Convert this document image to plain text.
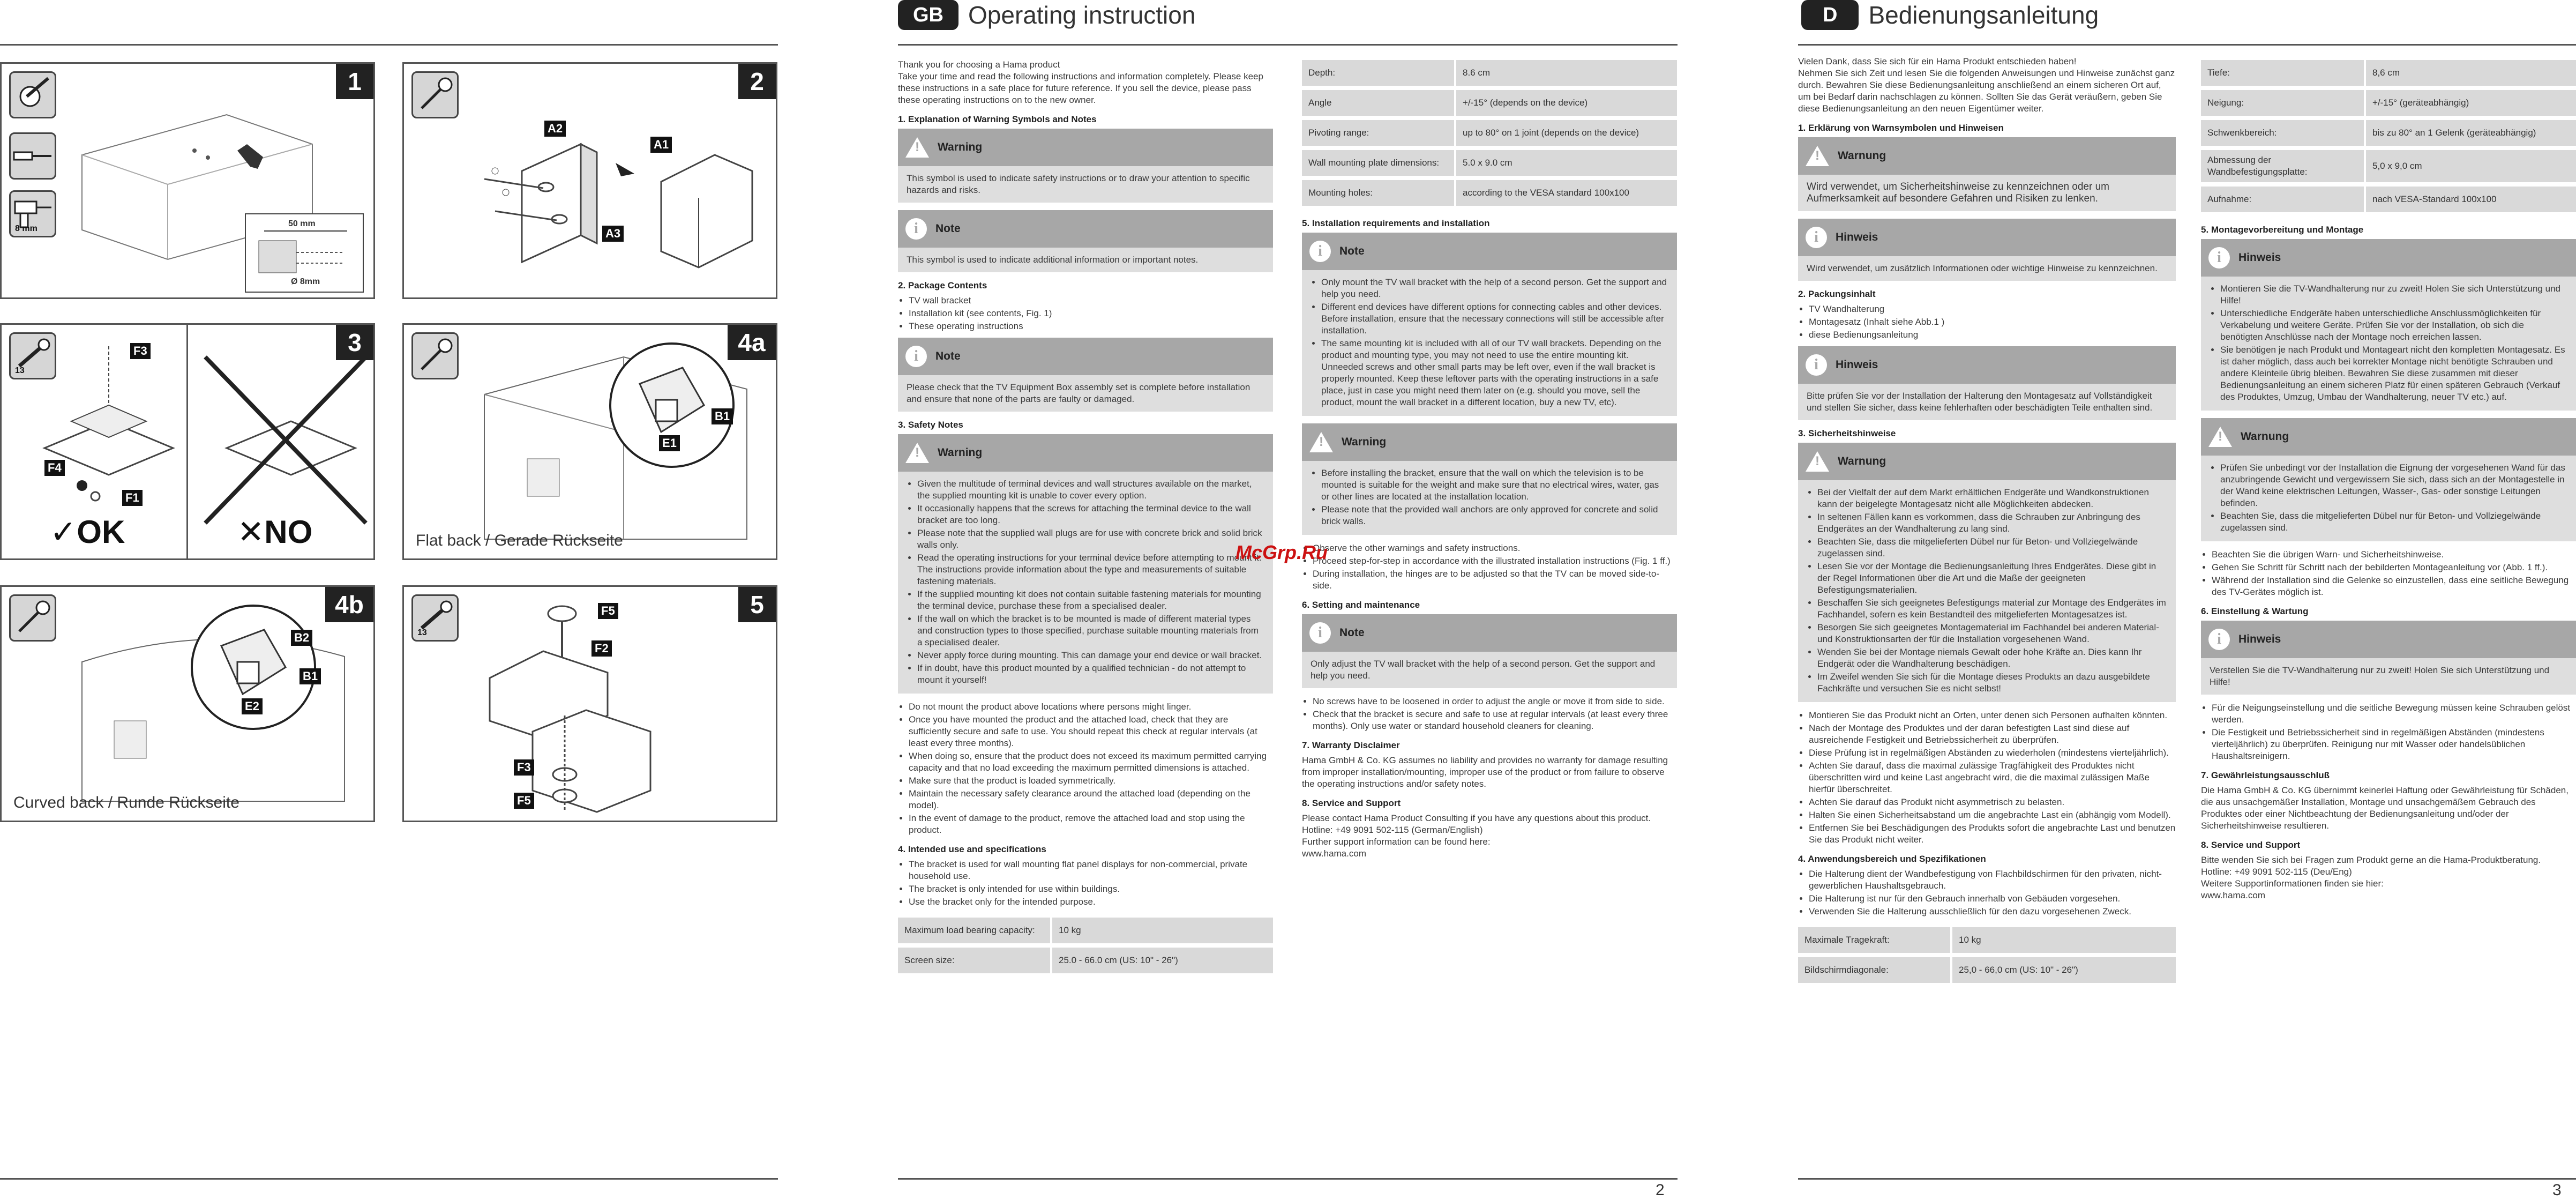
1
8 mm
50 mm
Ø 8mm
2
A1
A2
A3
3
13
F3
F4
F1
✓OK	✕NO
4a
B1
E1
Flat back / Gerade Rückseite
4b
B2
B1
E2
Curved back / Runde Rückseite
5
13
F5
F2
F3
F5
GB	Operating instruction
2

Thank you for choosing a Hama product

Take your time and read the following instructions and information completely. Please keep these instructions in a safe place for future reference. If you sell the device, please pass these operating instructions on to the new owner.

1. Explanation of Warning Symbols and Notes
! Warning
This symbol is used to indicate safety instructions or to draw your attention to specific hazards and risks.
i	Note
This symbol is used to indicate additional information or important notes.
2. Package Contents
• TV wall bracket
• Installation kit (see contents, Fig. 1)
• These operating instructions
i	Note
Please check that the TV Equipment Box assembly set is complete before installation and ensure that none of the parts are faulty or damaged.
3. Safety Notes
! Warning
• Given the multitude of terminal devices and wall structures available on the market, the supplied mounting kit is unable to cover every option.
• It occasionally happens that the screws for attaching the terminal device to the wall bracket are too long.
• Please note that the supplied wall plugs are for use with concrete brick and solid brick walls only.
• Read the operating instructions for your terminal device before attempting to mount it. The instructions provide information about the type and measurements of suitable fastening materials.
• If the supplied mounting kit does not contain suitable fastening materials for mounting the terminal device, purchase these from a specialised dealer.
• If the wall on which the bracket is to be mounted is made of different material types and construction types to those specified, purchase suitable mounting materials from a specialised dealer.
• Never apply force during mounting. This can damage your end device or wall bracket.
• If in doubt, have this product mounted by a qualified technician - do not attempt to mount it yourself!
• Do not mount the product above locations where persons might linger.
• Once you have mounted the product and the attached load, check that they are sufficiently secure and safe to use. You should repeat this check at regular intervals (at least every three months).
• When doing so, ensure that the product does not exceed its maximum permitted carrying capacity and that no load exceeding the maximum permitted dimensions is attached.
• Make sure that the product is loaded symmetrically.
• Maintain the necessary safety clearance around the attached load (depending on the model).
• In the event of damage to the product, remove the attached load and stop using the product.
4. Intended use and specifications
• The bracket is used for wall mounting flat panel displays for non-commercial, private household use.
• The bracket is only intended for use within buildings.
• Use the bracket only for the intended purpose.
Maximum load bearing capacity:	10 kg
Screen size:	25.0 - 66.0 cm (US: 10" - 26")
Depth:	8.6 cm
Angle	+/-15° (depends on the device)
Pivoting range:	up to 80° on 1 joint (depends on the device)
Wall mounting plate dimensions:	5.0 x 9.0 cm
Mounting holes:	according to the VESA standard 100x100
5. Installation requirements and installation
i	Note
• Only mount the TV wall bracket with the help of a second person. Get the support and help you need.
• Different end devices have different options for connecting cables and other devices. Before installation, ensure that the necessary connections will still be accessible after installation.
• The same mounting kit is included with all of our TV wall brackets. Depending on the product and mounting type, you may not need to use the entire mounting kit. Unneeded screws and other small parts may be left over, even if the wall bracket is properly mounted. Keep these leftover parts with the operating instructions in a safe place, just in case you might need them later on (e.g. should you move, sell the product, mount the wall bracket in a different location, buy a new TV, etc).
! Warning
• Before installing the bracket, ensure that the wall on which the television is to be mounted is suitable for the weight and make sure that no electrical wires, water, gas or other lines are located at the installation location.
• Please note that the provided wall anchors are only approved for concrete and solid brick walls.
• Observe the other warnings and safety instructions.
• Proceed step-for-step in accordance with the illustrated installation instructions (Fig. 1 ff.)
• During installation, the hinges are to be adjusted so that the TV can be moved side-to-side.
6. Setting and maintenance
i	Note
Only adjust the TV wall bracket with the help of a second person. Get the support and help you need.
• No screws have to be loosened in order to adjust the angle or move it from side to side.
• Check that the bracket is secure and safe to use at regular intervals (at least every three months). Only use water or standard household cleaners for cleaning.
7. Warranty Disclaimer

Hama GmbH & Co. KG assumes no liability and provides no warranty for damage resulting from improper installation/mounting, improper use of the product or from failure to observe the operating instructions and/or safety notes.

8. Service and Support

Please contact Hama Product Consulting if you have any questions about this product.

Hotline: +49 9091 502-115 (German/English)

Further support information can be found here:

www.hama.com

McGrp.Ru
D	Bedienungsanleitung
3

Vielen Dank, dass Sie sich für ein Hama Produkt entschieden haben!

Nehmen Sie sich Zeit und lesen Sie die folgenden Anweisungen und Hinweise zunächst ganz durch. Bewahren Sie diese Bedienungsanleitung anschließend an einem sicheren Ort auf, um bei Bedarf darin nachschlagen zu können. Sollten Sie das Gerät veräußern, geben Sie diese Bedienungsanleitung an den neuen Eigentümer weiter.

1. Erklärung von Warnsymbolen und Hinweisen
! Warnung
Wird verwendet, um Sicherheitshinweise zu kennzeichnen oder um Aufmerksamkeit auf besondere Gefahren und Risiken zu lenken.
i	Hinweis
Wird verwendet, um zusätzlich Informationen oder wichtige Hinweise zu kennzeichnen.
2. Packungsinhalt
• TV Wandhalterung
• Montagesatz (Inhalt siehe Abb.1 )
• diese Bedienungsanleitung
i	Hinweis
Bitte prüfen Sie vor der Installation der Halterung den Montagesatz auf Vollständigkeit und stellen Sie sicher, dass keine fehlerhaften oder beschädigten Teile enthalten sind.
3. Sicherheitshinweise
! Warnung
• Bei der Vielfalt der auf dem Markt erhältlichen Endgeräte und Wandkonstruktionen kann der beigelegte Montagesatz nicht alle Möglichkeiten abdecken.
• In seltenen Fällen kann es vorkommen, dass die Schrauben zur Anbringung des Endgerätes an der Wandhalterung zu lang sind.
• Beachten Sie, dass die mitgelieferten Dübel nur für Beton- und Vollziegelwände zugelassen sind.
• Lesen Sie vor der Montage die Bedienungsanleitung Ihres Endgerätes. Diese gibt in der Regel Informationen über die Art und die Maße der geeigneten Befestigungsmaterialien.
• Beschaffen Sie sich geeignetes Befestigungs material zur Montage des Endgerätes im Fachhandel, sofern es kein Bestandteil des mitgelieferten Montagesatzes ist.
• Besorgen Sie sich geeignetes Montagematerial im Fachhandel bei anderen Material- und Konstruktionsarten der für die Installation vorgesehenen Wand.
• Wenden Sie bei der Montage niemals Gewalt oder hohe Kräfte an. Dies kann Ihr Endgerät oder die Wandhalterung beschädigen.
• Im Zweifel wenden Sie sich für die Montage dieses Produkts an dazu ausgebildete Fachkräfte und versuchen Sie es nicht selbst!
• Montieren Sie das Produkt nicht an Orten, unter denen sich Personen aufhalten könnten.
• Nach der Montage des Produktes und der daran befestigten Last sind diese auf ausreichende Festigkeit und Betriebssicherheit zu überprüfen.
• Diese Prüfung ist in regelmäßigen Abständen zu wiederholen (mindestens vierteljährlich).
• Achten Sie darauf, dass die maximal zulässige Tragfähigkeit des Produktes nicht überschritten wird und keine Last angebracht wird, die die maximal zulässigen Maße hierfür überschreitet.
• Achten Sie darauf das Produkt nicht asymmetrisch zu belasten.
• Halten Sie einen Sicherheitsabstand um die angebrachte Last ein (abhängig vom Modell).
• Entfernen Sie bei Beschädigungen des Produkts sofort die angebrachte Last und benutzen Sie das Produkt nicht weiter.
4. Anwendungsbereich und Spezifikationen
• Die Halterung dient der Wandbefestigung von Flachbildschirmen für den privaten, nicht-gewerblichen Haushaltsgebrauch.
• Die Halterung ist nur für den Gebrauch innerhalb von Gebäuden vorgesehen.
• Verwenden Sie die Halterung ausschließlich für den dazu vorgesehenen Zweck.
Maximale Tragekraft:	10 kg
Bildschirmdiagonale:	25,0 - 66,0 cm (US: 10" - 26")
Tiefe:	8,6 cm
Neigung:	+/-15° (geräteabhängig)
Schwenkbereich:	bis zu 80° an 1 Gelenk (geräteabhängig)
Abmessung der Wandbefestigungsplatte:	5,0 x 9,0 cm
Aufnahme:	nach VESA-Standard 100x100
5. Montagevorbereitung und Montage
i	Hinweis
• Montieren Sie die TV-Wandhalterung nur zu zweit! Holen Sie sich Unterstützung und Hilfe!
• Unterschiedliche Endgeräte haben unterschiedliche Anschlussmöglichkeiten für Verkabelung und weitere Geräte. Prüfen Sie vor der Installation, ob sich die benötigten Anschlüsse nach der Montage noch erreichen lassen.
• Sie benötigen je nach Produkt und Montageart nicht den kompletten Montagesatz. Es ist daher möglich, dass auch bei korrekter Montage nicht benötigte Schrauben und andere Kleinteile übrig bleiben. Bewahren Sie diese zusammen mit dieser Bedienungsanleitung an einem sicheren Platz für einen späteren Gebrauch (Verkauf des Produktes, Umzug, Umbau der Wandhalterung, neuer TV etc.) auf.
! Warnung
• Prüfen Sie unbedingt vor der Installation die Eignung der vorgesehenen Wand für das anzubringende Gewicht und vergewissern Sie sich, dass sich an der Montagestelle in der Wand keine elektrischen Leitungen, Wasser-, Gas- oder sonstige Leitungen befinden.
• Beachten Sie, dass die mitgelieferten Dübel nur für Beton- und Vollziegelwände zugelassen sind.
• Beachten Sie die übrigen Warn- und Sicherheitshinweise.
• Gehen Sie Schritt für Schritt nach der bebilderten Montageanleitung vor (Abb. 1 ff.).
• Während der Installation sind die Gelenke so einzustellen, dass eine seitliche Bewegung des TV-Gerätes möglich ist.
6. Einstellung & Wartung
i	Hinweis
Verstellen Sie die TV-Wandhalterung nur zu zweit! Holen Sie sich Unterstützung und Hilfe!
• Für die Neigungseinstellung und die seitliche Bewegung müssen keine Schrauben gelöst werden.
• Die Festigkeit und Betriebssicherheit sind in regelmäßigen Abständen (mindestens vierteljährlich) zu überprüfen. Reinigung nur mit Wasser oder handelsüblichen Haushaltsreinigern.
7. Gewährleistungsausschluß

Die Hama GmbH & Co. KG übernimmt keinerlei Haftung oder Gewährleistung für Schäden, die aus unsachgemäßer Installation, Montage und unsachgemäßem Gebrauch des Produktes oder einer Nichtbeachtung der Bedienungsanleitung und/oder der Sicherheitshinweise resultieren.

8. Service und Support

Bitte wenden Sie sich bei Fragen zum Produkt gerne an die Hama-Produktberatung.

Hotline: +49 9091 502-115 (Deu/Eng)

Weitere Supportinformationen finden sie hier:

www.hama.com
